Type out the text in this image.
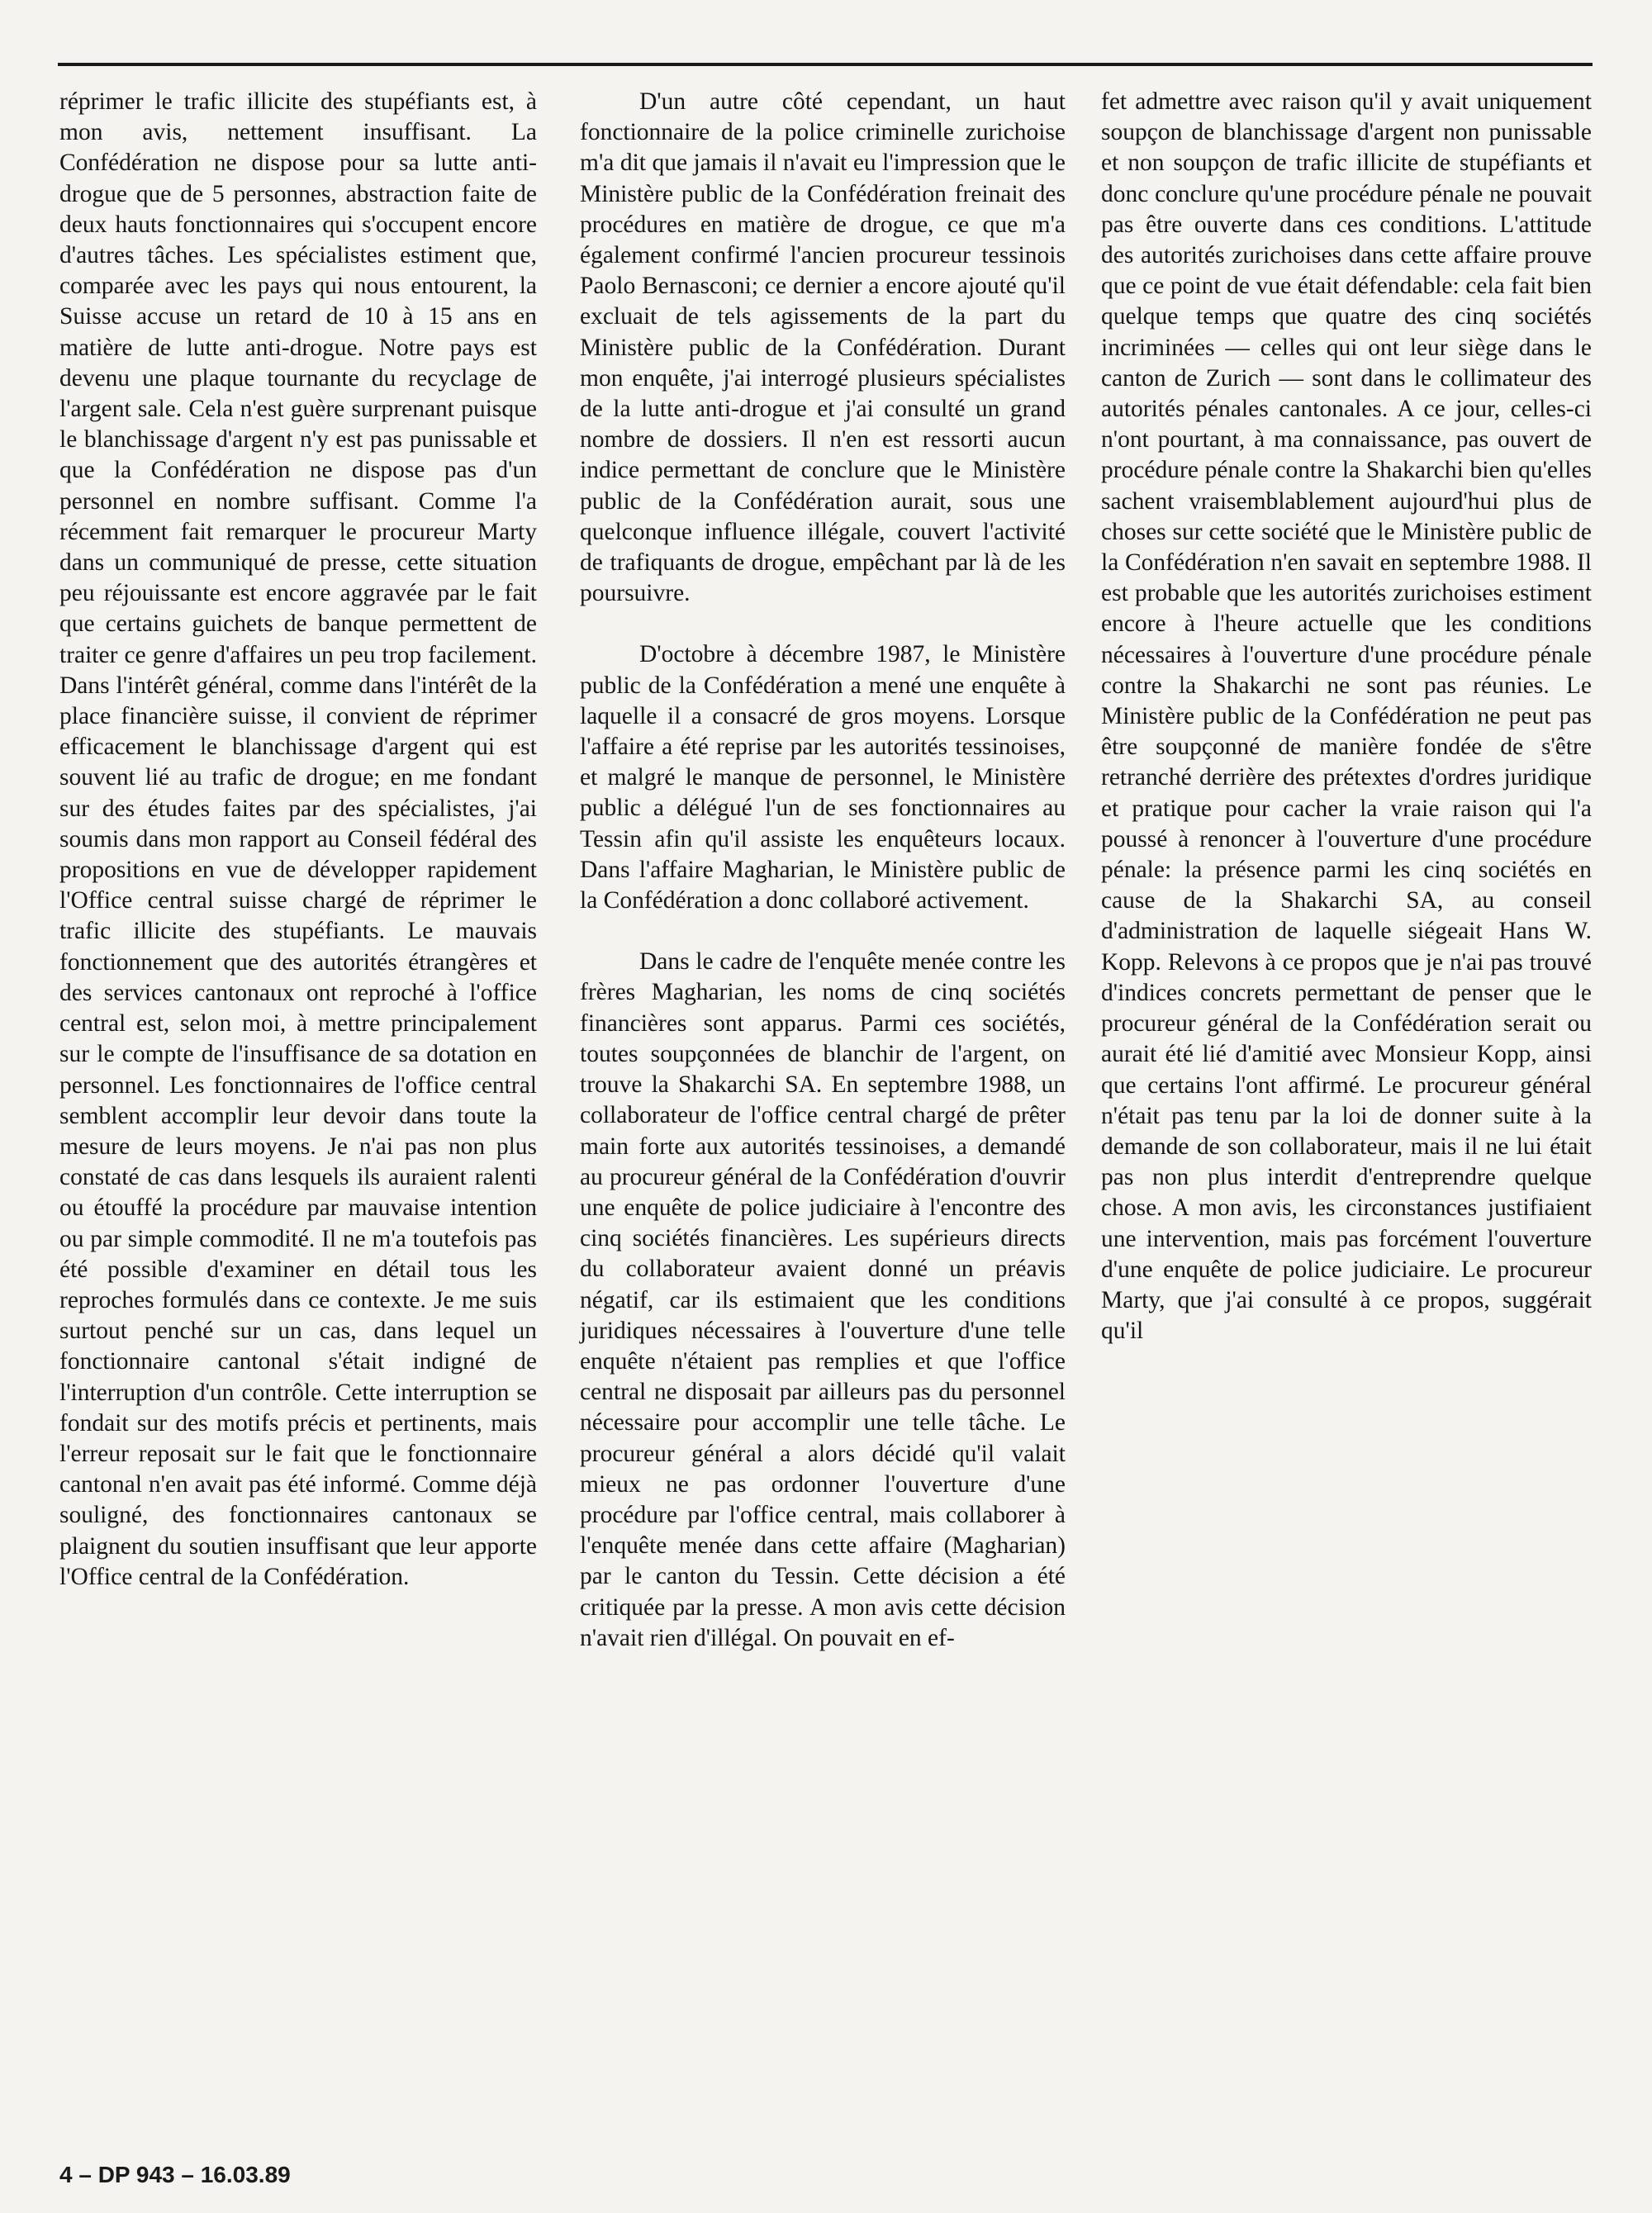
réprimer le trafic illicite des stupéfiants est, à mon avis, nettement insuffisant. La Confédération ne dispose pour sa lutte anti-drogue que de 5 personnes, abstraction faite de deux hauts fonctionnaires qui s'occupent encore d'autres tâches. Les spécialistes estiment que, comparée avec les pays qui nous entourent, la Suisse accuse un retard de 10 à 15 ans en matière de lutte anti-drogue. Notre pays est devenu une plaque tournante du recyclage de l'argent sale. Cela n'est guère surprenant puisque le blanchissage d'argent n'y est pas punissable et que la Confédération ne dispose pas d'un personnel en nombre suffisant. Comme l'a récemment fait remarquer le procureur Marty dans un communiqué de presse, cette situation peu réjouissante est encore aggravée par le fait que certains guichets de banque permettent de traiter ce genre d'affaires un peu trop facilement. Dans l'intérêt général, comme dans l'intérêt de la place financière suisse, il convient de réprimer efficacement le blanchissage d'argent qui est souvent lié au trafic de drogue; en me fondant sur des études faites par des spécialistes, j'ai soumis dans mon rapport au Conseil fédéral des propositions en vue de développer rapidement l'Office central suisse chargé de réprimer le trafic illicite des stupéfiants. Le mauvais fonctionnement que des autorités étrangères et des services cantonaux ont reproché à l'office central est, selon moi, à mettre principalement sur le compte de l'insuffisance de sa dotation en personnel. Les fonctionnaires de l'office central semblent accomplir leur devoir dans toute la mesure de leurs moyens. Je n'ai pas non plus constaté de cas dans lesquels ils auraient ralenti ou étouffé la procédure par mauvaise intention ou par simple commodité. Il ne m'a toutefois pas été possible d'examiner en détail tous les reproches formulés dans ce contexte. Je me suis surtout penché sur un cas, dans lequel un fonctionnaire cantonal s'était indigné de l'interruption d'un contrôle. Cette interruption se fondait sur des motifs précis et pertinents, mais l'erreur reposait sur le fait que le fonctionnaire cantonal n'en avait pas été informé. Comme déjà souligné, des fonctionnaires cantonaux se plaignent du soutien insuffisant que leur apporte l'Office central de la Confédération.

D'un autre côté cependant, un haut fonctionnaire de la police criminelle zurichoise m'a dit que jamais il n'avait eu l'impression que le Ministère public de la Confédération freinait des procédures en matière de drogue, ce que m'a également confirmé l'ancien procureur tessinois Paolo Bernasconi; ce dernier a encore ajouté qu'il excluait de tels agissements de la part du Ministère public de la Confédération. Durant mon enquête, j'ai interrogé plusieurs spécialistes de la lutte anti-drogue et j'ai consulté un grand nombre de dossiers. Il n'en est ressorti aucun indice permettant de conclure que le Ministère public de la Confédération aurait, sous une quelconque influence illégale, couvert l'activité de trafiquants de drogue, empêchant par là de les poursuivre.

D'octobre à décembre 1987, le Ministère public de la Confédération a mené une enquête à laquelle il a consacré de gros moyens. Lorsque l'affaire a été reprise par les autorités tessinoises, et malgré le manque de personnel, le Ministère public a délégué l'un de ses fonctionnaires au Tessin afin qu'il assiste les enquêteurs locaux. Dans l'affaire Magharian, le Ministère public de la Confédération a donc collaboré activement.

Dans le cadre de l'enquête menée contre les frères Magharian, les noms de cinq sociétés financières sont apparus. Parmi ces sociétés, toutes soupçonnées de blanchir de l'argent, on trouve la Shakarchi SA. En septembre 1988, un collaborateur de l'office central chargé de prêter main forte aux autorités tessinoises, a demandé au procureur général de la Confédération d'ouvrir une enquête de police judiciaire à l'encontre des cinq sociétés financières. Les supérieurs directs du collaborateur avaient donné un préavis négatif, car ils estimaient que les conditions juridiques nécessaires à l'ouverture d'une telle enquête n'étaient pas remplies et que l'office central ne disposait par ailleurs pas du personnel nécessaire pour accomplir une telle tâche. Le procureur général a alors décidé qu'il valait mieux ne pas ordonner l'ouverture d'une procédure par l'office central, mais collaborer à l'enquête menée dans cette affaire (Magharian) par le canton du Tessin. Cette décision a été critiquée par la presse. A mon avis cette décision n'avait rien d'illégal. On pouvait en ef-

fet admettre avec raison qu'il y avait uniquement soupçon de blanchissage d'argent non punissable et non soupçon de trafic illicite de stupéfiants et donc conclure qu'une procédure pénale ne pouvait pas être ouverte dans ces conditions. L'attitude des autorités zurichoises dans cette affaire prouve que ce point de vue était défendable: cela fait bien quelque temps que quatre des cinq sociétés incriminées — celles qui ont leur siège dans le canton de Zurich — sont dans le collimateur des autorités pénales cantonales. A ce jour, celles-ci n'ont pourtant, à ma connaissance, pas ouvert de procédure pénale contre la Shakarchi bien qu'elles sachent vraisemblablement aujourd'hui plus de choses sur cette société que le Ministère public de la Confédération n'en savait en septembre 1988. Il est probable que les autorités zurichoises estiment encore à l'heure actuelle que les conditions nécessaires à l'ouverture d'une procédure pénale contre la Shakarchi ne sont pas réunies. Le Ministère public de la Confédération ne peut pas être soupçonné de manière fondée de s'être retranché derrière des prétextes d'ordres juridique et pratique pour cacher la vraie raison qui l'a poussé à renoncer à l'ouverture d'une procédure pénale: la présence parmi les cinq sociétés en cause de la Shakarchi SA, au conseil d'administration de laquelle siégeait Hans W. Kopp. Relevons à ce propos que je n'ai pas trouvé d'indices concrets permettant de penser que le procureur général de la Confédération serait ou aurait été lié d'amitié avec Monsieur Kopp, ainsi que certains l'ont affirmé. Le procureur général n'était pas tenu par la loi de donner suite à la demande de son collaborateur, mais il ne lui était pas non plus interdit d'entreprendre quelque chose. A mon avis, les circonstances justifiaient une intervention, mais pas forcément l'ouverture d'une enquête de police judiciaire. Le procureur Marty, que j'ai consulté à ce propos, suggérait qu'il

4 – DP 943 – 16.03.89
